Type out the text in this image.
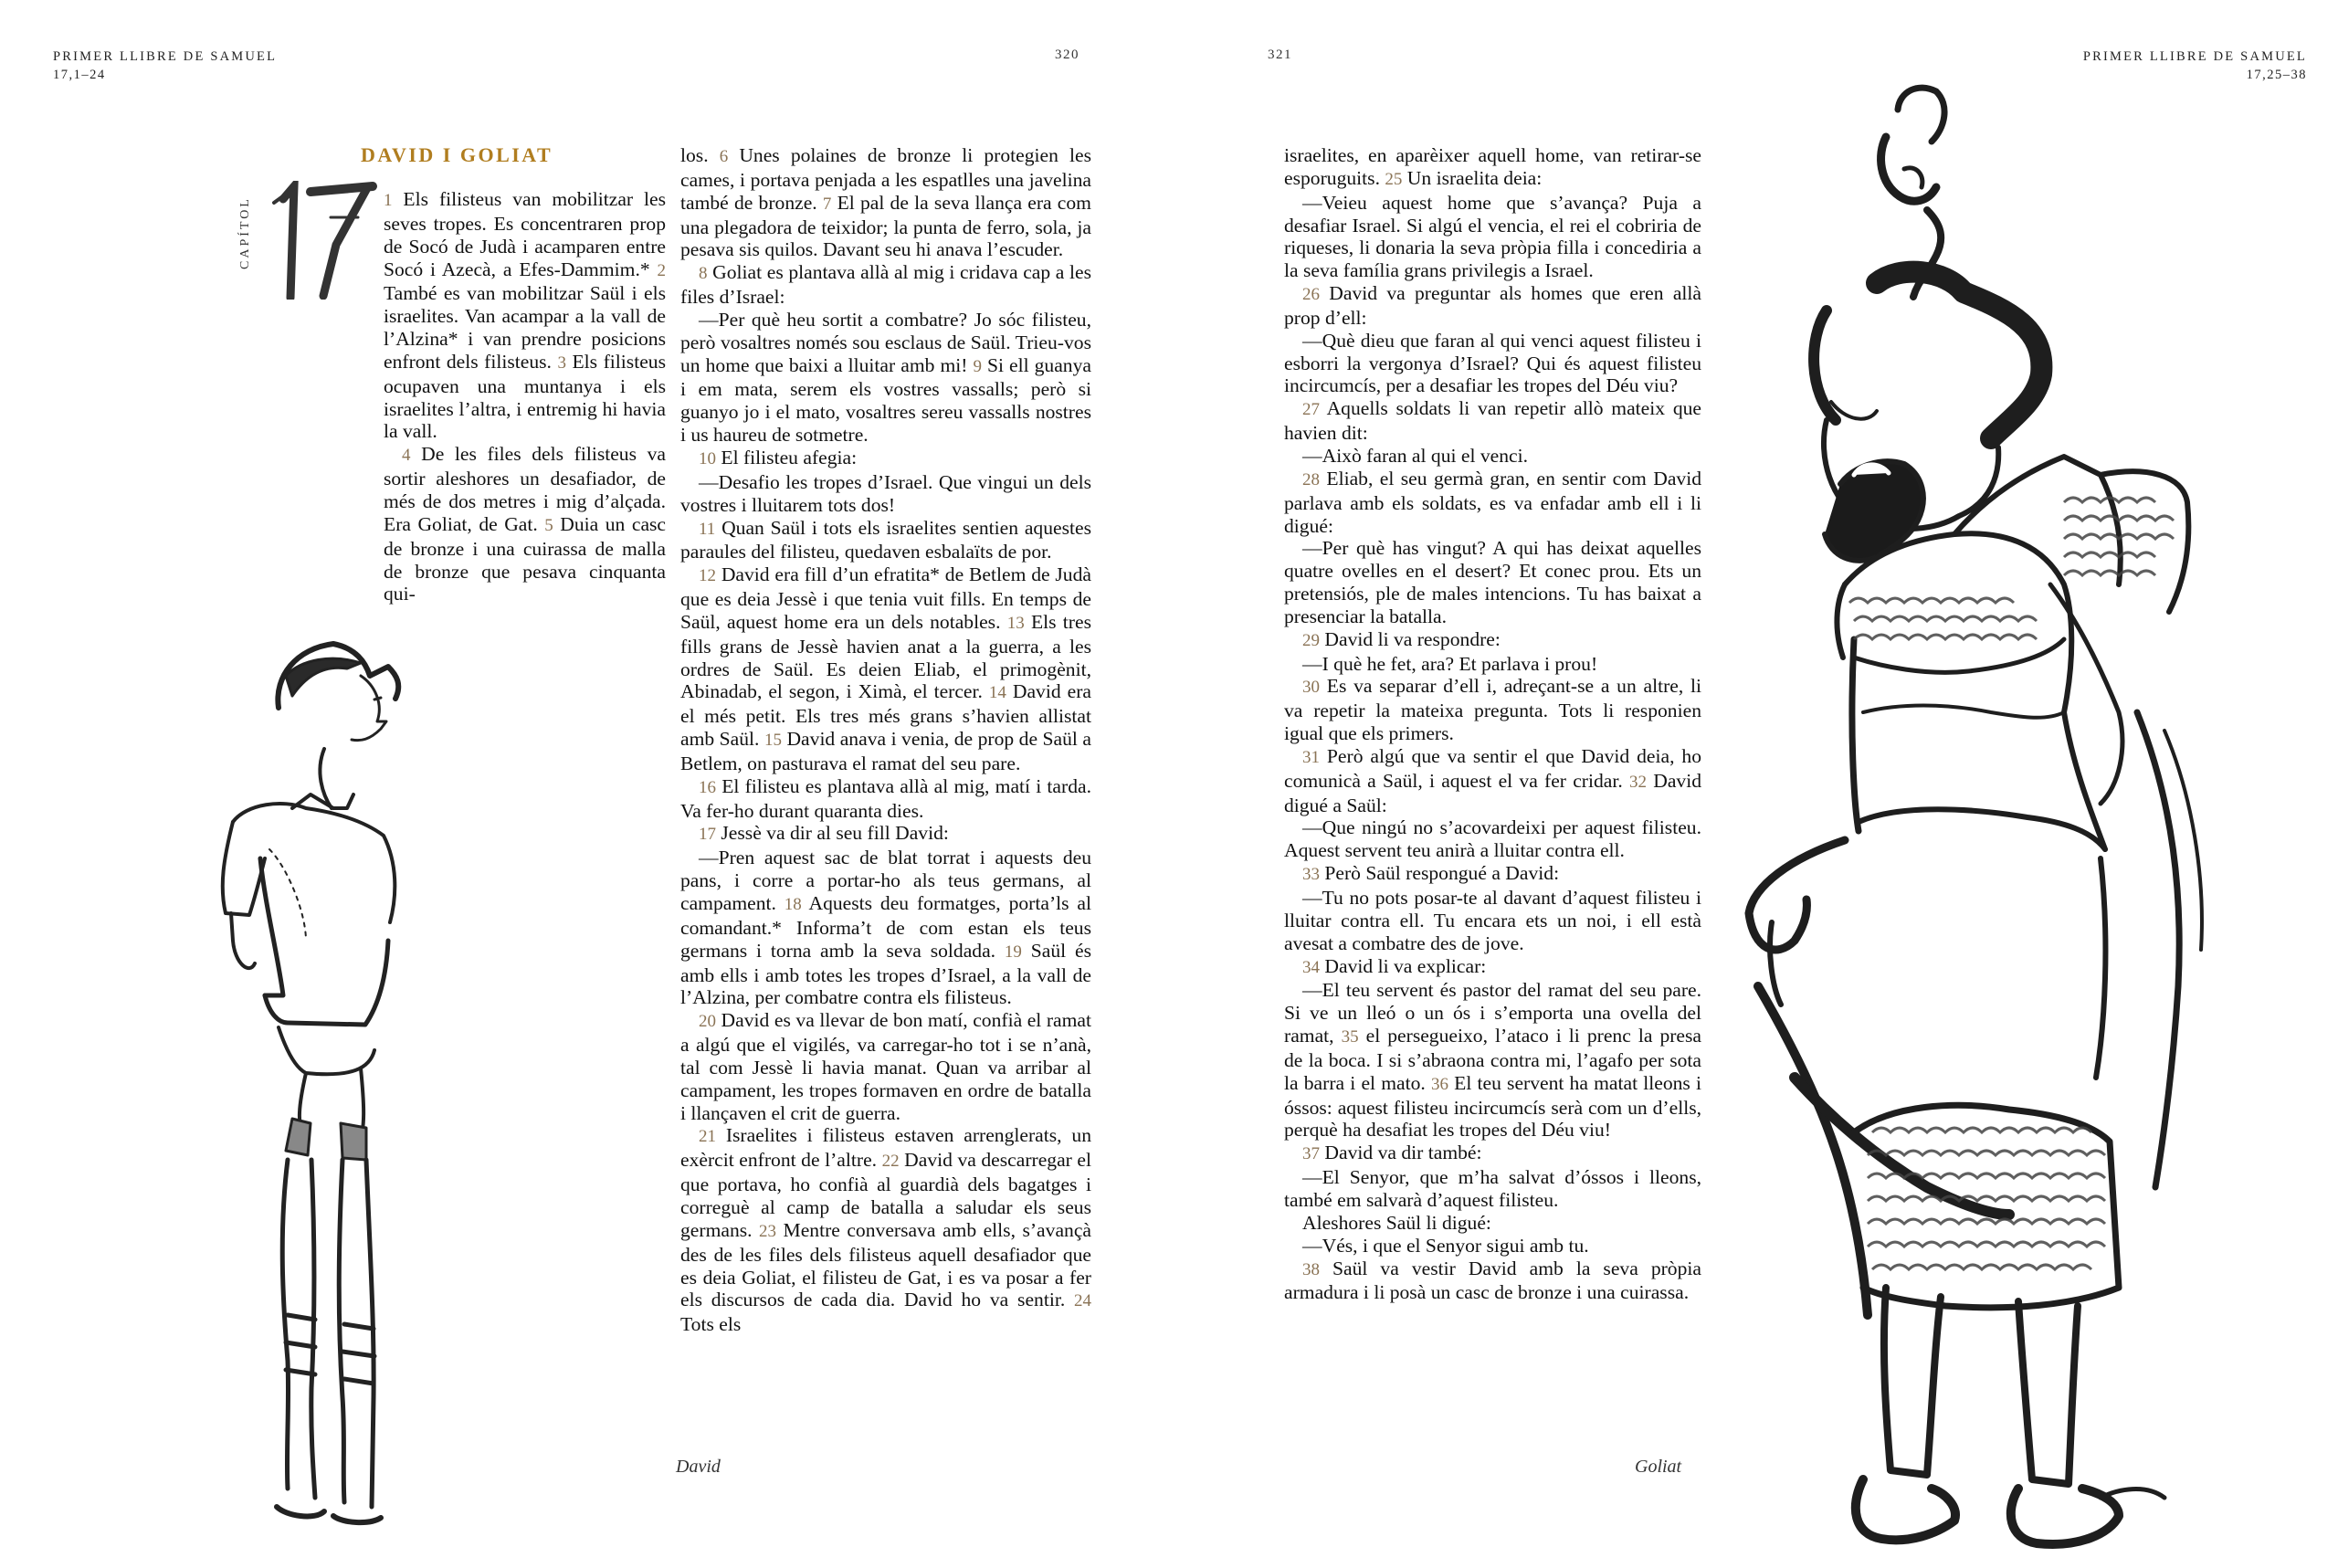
PRIMER LLIBRE DE SAMUEL
17,1–24
320	321	PRIMER LLIBRE DE SAMUEL
17,25–38
DAVID I GOLIAT
CAPÍTOL
17

1 Els filisteus van mobilitzar les seves tropes. Es concentraren prop de Socó de Judà i acamparen entre Socó i Azecà, a Efes-Dammim.* 2 També es van mobilitzar Saül i els israelites. Van acampar a la vall de l’Alzina* i van prendre posicions enfront dels filisteus. 3 Els filisteus ocupaven una muntanya i els israelites l’altra, i entremig hi havia la vall.

4 De les files dels filisteus va sortir aleshores un desafiador, de més de dos metres i mig d’alçada. Era Goliat, de Gat. 5 Duia un casc de bronze i una cuirassa de malla de bronze que pesava cinquanta qui-

los. 6 Unes polaines de bronze li protegien les cames, i portava penjada a les espatlles una javelina també de bronze. 7 El pal de la seva llança era com una plegadora de teixidor; la punta de ferro, sola, ja pesava sis quilos. Davant seu hi anava l’escuder.

8 Goliat es plantava allà al mig i cridava cap a les files d’Israel:

—Per què heu sortit a combatre? Jo sóc filisteu, però vosaltres només sou esclaus de Saül. Trieu-vos un home que baixi a lluitar amb mi! 9 Si ell guanya i em mata, serem els vostres vassalls; però si guanyo jo i el mato, vosaltres sereu vassalls nostres i us haureu de sotmetre.

10 El filisteu afegia:

—Desafio les tropes d’Israel. Que vingui un dels vostres i lluitarem tots dos!

11 Quan Saül i tots els israelites sentien aquestes paraules del filisteu, quedaven esbalaïts de por.

12 David era fill d’un efratita* de Betlem de Judà que es deia Jessè i que tenia vuit fills. En temps de Saül, aquest home era un dels notables. 13 Els tres fills grans de Jessè havien anat a la guerra, a les ordres de Saül. Es deien Eliab, el primogènit, Abinadab, el segon, i Ximà, el tercer. 14 David era el més petit. Els tres més grans s’havien allistat amb Saül. 15 David anava i venia, de prop de Saül a Betlem, on pasturava el ramat del seu pare.

16 El filisteu es plantava allà al mig, matí i tarda. Va fer-ho durant quaranta dies.

17 Jessè va dir al seu fill David:

—Pren aquest sac de blat torrat i aquests deu pans, i corre a portar-ho als teus germans, al campament. 18 Aquests deu formatges, porta’ls al comandant.* Informa’t de com estan els teus germans i torna amb la seva soldada. 19 Saül és amb ells i amb totes les tropes d’Israel, a la vall de l’Alzina, per combatre contra els filisteus.

20 David es va llevar de bon matí, confià el ramat a algú que el vigilés, va carregar-ho tot i se n’anà, tal com Jessè li havia manat. Quan va arribar al campament, les tropes formaven en ordre de batalla i llançaven el crit de guerra.

21 Israelites i filisteus estaven arrenglerats, un exèrcit enfront de l’altre. 22 David va descarregar el que portava, ho confià al guardià dels bagatges i correguè al camp de batalla a saludar els seus germans. 23 Mentre conversava amb ells, s’avançà des de les files dels filisteus aquell desafiador que es deia Goliat, el filisteu de Gat, i es va posar a fer els discursos de cada dia. David ho va sentir. 24 Tots els

israelites, en aparèixer aquell home, van retirar-se esporuguits. 25 Un israelita deia:

—Veieu aquest home que s’avança? Puja a desafiar Israel. Si algú el vencia, el rei el cobriria de riqueses, li donaria la seva pròpia filla i concediria a la seva família grans privilegis a Israel.

26 David va preguntar als homes que eren allà prop d’ell:

—Què dieu que faran al qui venci aquest filisteu i esborri la vergonya d’Israel? Qui és aquest filisteu incircumcís, per a desafiar les tropes del Déu viu?

27 Aquells soldats li van repetir allò mateix que havien dit:

—Això faran al qui el venci.

28 Eliab, el seu germà gran, en sentir com David parlava amb els soldats, es va enfadar amb ell i li digué:

—Per què has vingut? A qui has deixat aquelles quatre ovelles en el desert? Et conec prou. Ets un pretensiós, ple de males intencions. Tu has baixat a presenciar la batalla.

29 David li va respondre:

—I què he fet, ara? Et parlava i prou!

30 Es va separar d’ell i, adreçant-se a un altre, li va repetir la mateixa pregunta. Tots li responien igual que els primers.

31 Però algú que va sentir el que David deia, ho comunicà a Saül, i aquest el va fer cridar. 32 David digué a Saül:

—Que ningú no s’acovardeixi per aquest filisteu. Aquest servent teu anirà a lluitar contra ell.

33 Però Saül respongué a David:

—Tu no pots posar-te al davant d’aquest filisteu i lluitar contra ell. Tu encara ets un noi, i ell està avesat a combatre des de jove.

34 David li va explicar:

—El teu servent és pastor del ramat del seu pare. Si ve un lleó o un ós i s’emporta una ovella del ramat, 35 el persegueixo, l’ataco i li prenc la presa de la boca. I si s’abraona contra mi, l’agafo per sota la barra i el mato. 36 El teu servent ha matat lleons i óssos: aquest filisteu incircumcís serà com un d’ells, perquè ha desafiat les tropes del Déu viu!

37 David va dir també:

—El Senyor, que m’ha salvat d’óssos i lleons, també em salvarà d’aquest filisteu.

Aleshores Saül li digué:

—Vés, i que el Senyor sigui amb tu.

38 Saül va vestir David amb la seva pròpia armadura i li posà un casc de bronze i una cuirassa.

David	Goliat
